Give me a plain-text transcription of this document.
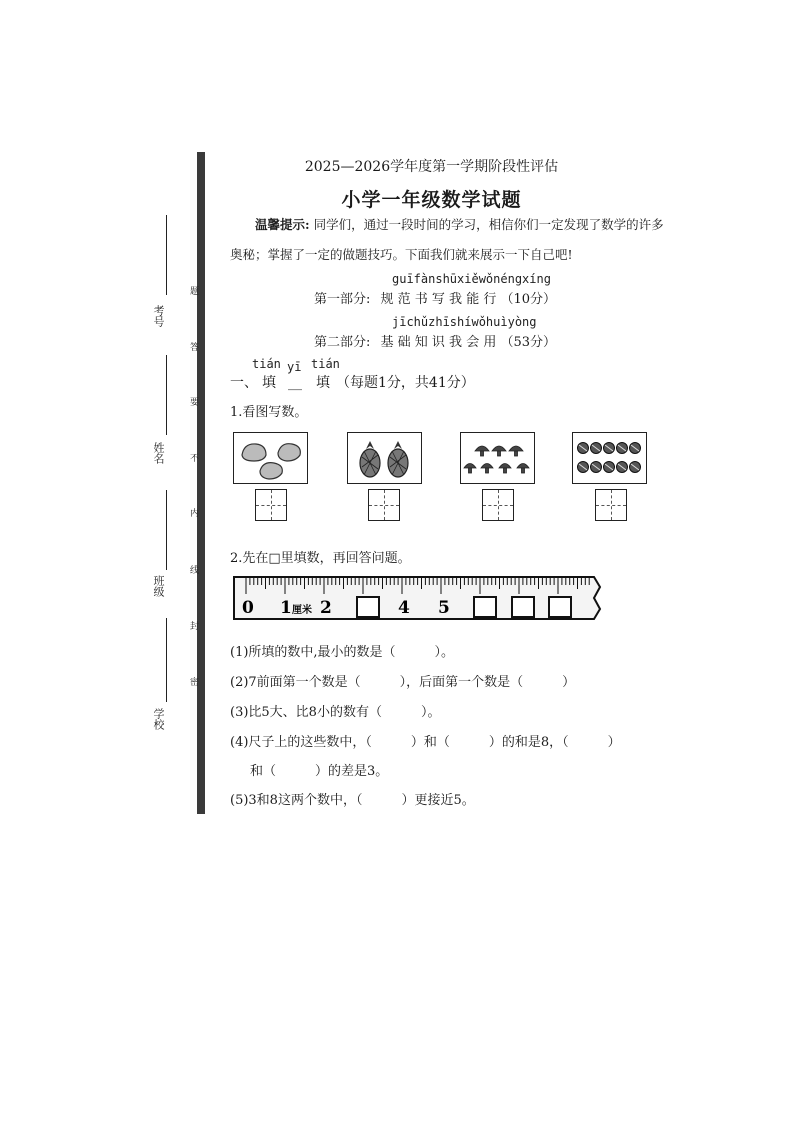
考号
姓名
班级
学校
题
答
要
不
内
线
封
密
2025—2026学年度第一学期阶段性评估
小学一年级数学试题
温馨提示: 同学们，通过一段时间的学习，相信你们一定发现了数学的许多
奥秘；掌握了一定的做题技巧。下面我们就来展示一下自己吧!
guīfànshūxiěwǒnéngxíng
第一部分: 规 范 书 写 我 能 行 （10分）
jīchǔzhīshíwǒhuìyòng
第二部分: 基 础 知 识 我 会 用 （53分）
tián yī tián
一、 填 __ 填 （每题1分，共41分）
1.看图写数。
2.先在□里填数，再回答问题。
0 1 厘米 2	4 5
(1)所填的数中,最小的数是（　　　）。
(2)7前面第一个数是（　　　），后面第一个数是（　　　）
(3)比5大、比8小的数有（　　　）。
(4)尺子上的这些数中，（　　　）和（　　　）的和是8，（　　　）
和（　　　）的差是3。
(5)3和8这两个数中，（　　　）更接近5。
